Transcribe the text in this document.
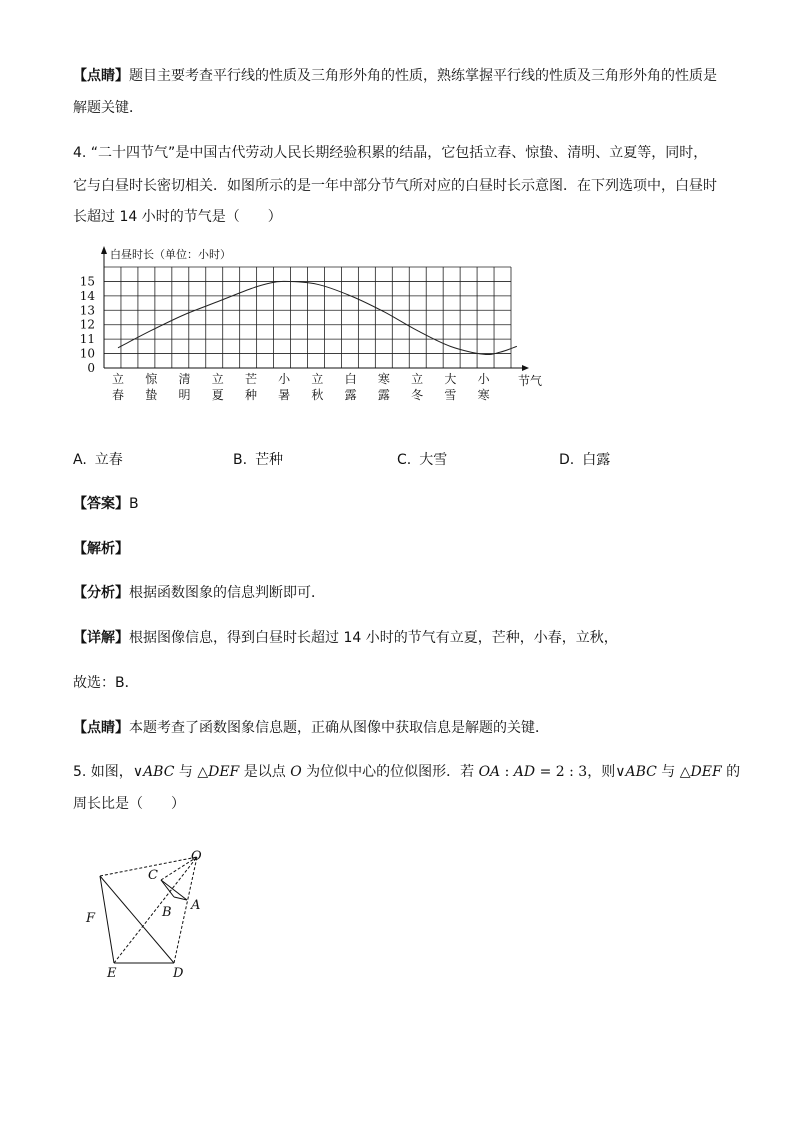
【点睛】题目主要考查平行线的性质及三角形外角的性质，熟练掌握平行线的性质及三角形外角的性质是
解题关键．
4. “二十四节气”是中国古代劳动人民长期经验积累的结晶，它包括立春、惊蛰、清明、立夏等，同时，
它与白昼时长密切相关．如图所示的是一年中部分节气所对应的白昼时长示意图．在下列选项中，白昼时
长超过 14 小时的节气是（　　）
0
10
11
12
13
14
15
立
春
惊
蛰
清
明
立
夏
芒
种
小
暑
立
秋
白
露
寒
露
立
冬
大
雪
小
寒
白昼时长（单位：小时）
节气
A. 立春	B. 芒种	C. 大雪	D. 白露
【答案】B
【解析】
【分析】根据函数图象的信息判断即可．
【详解】根据图像信息，得到白昼时长超过 14 小时的节气有立夏，芒种，小春，立秋，
故选：B．
【点睛】本题考查了函数图象信息题，正确从图像中获取信息是解题的关键．
5. 如图，∨ABC 与 △DEF 是以点 O 为位似中心的位似图形．若 OA : AD = 2 : 3，则∨ABC 与 △DEF 的
周长比是（　　）
O
C
B A
F
E	D
